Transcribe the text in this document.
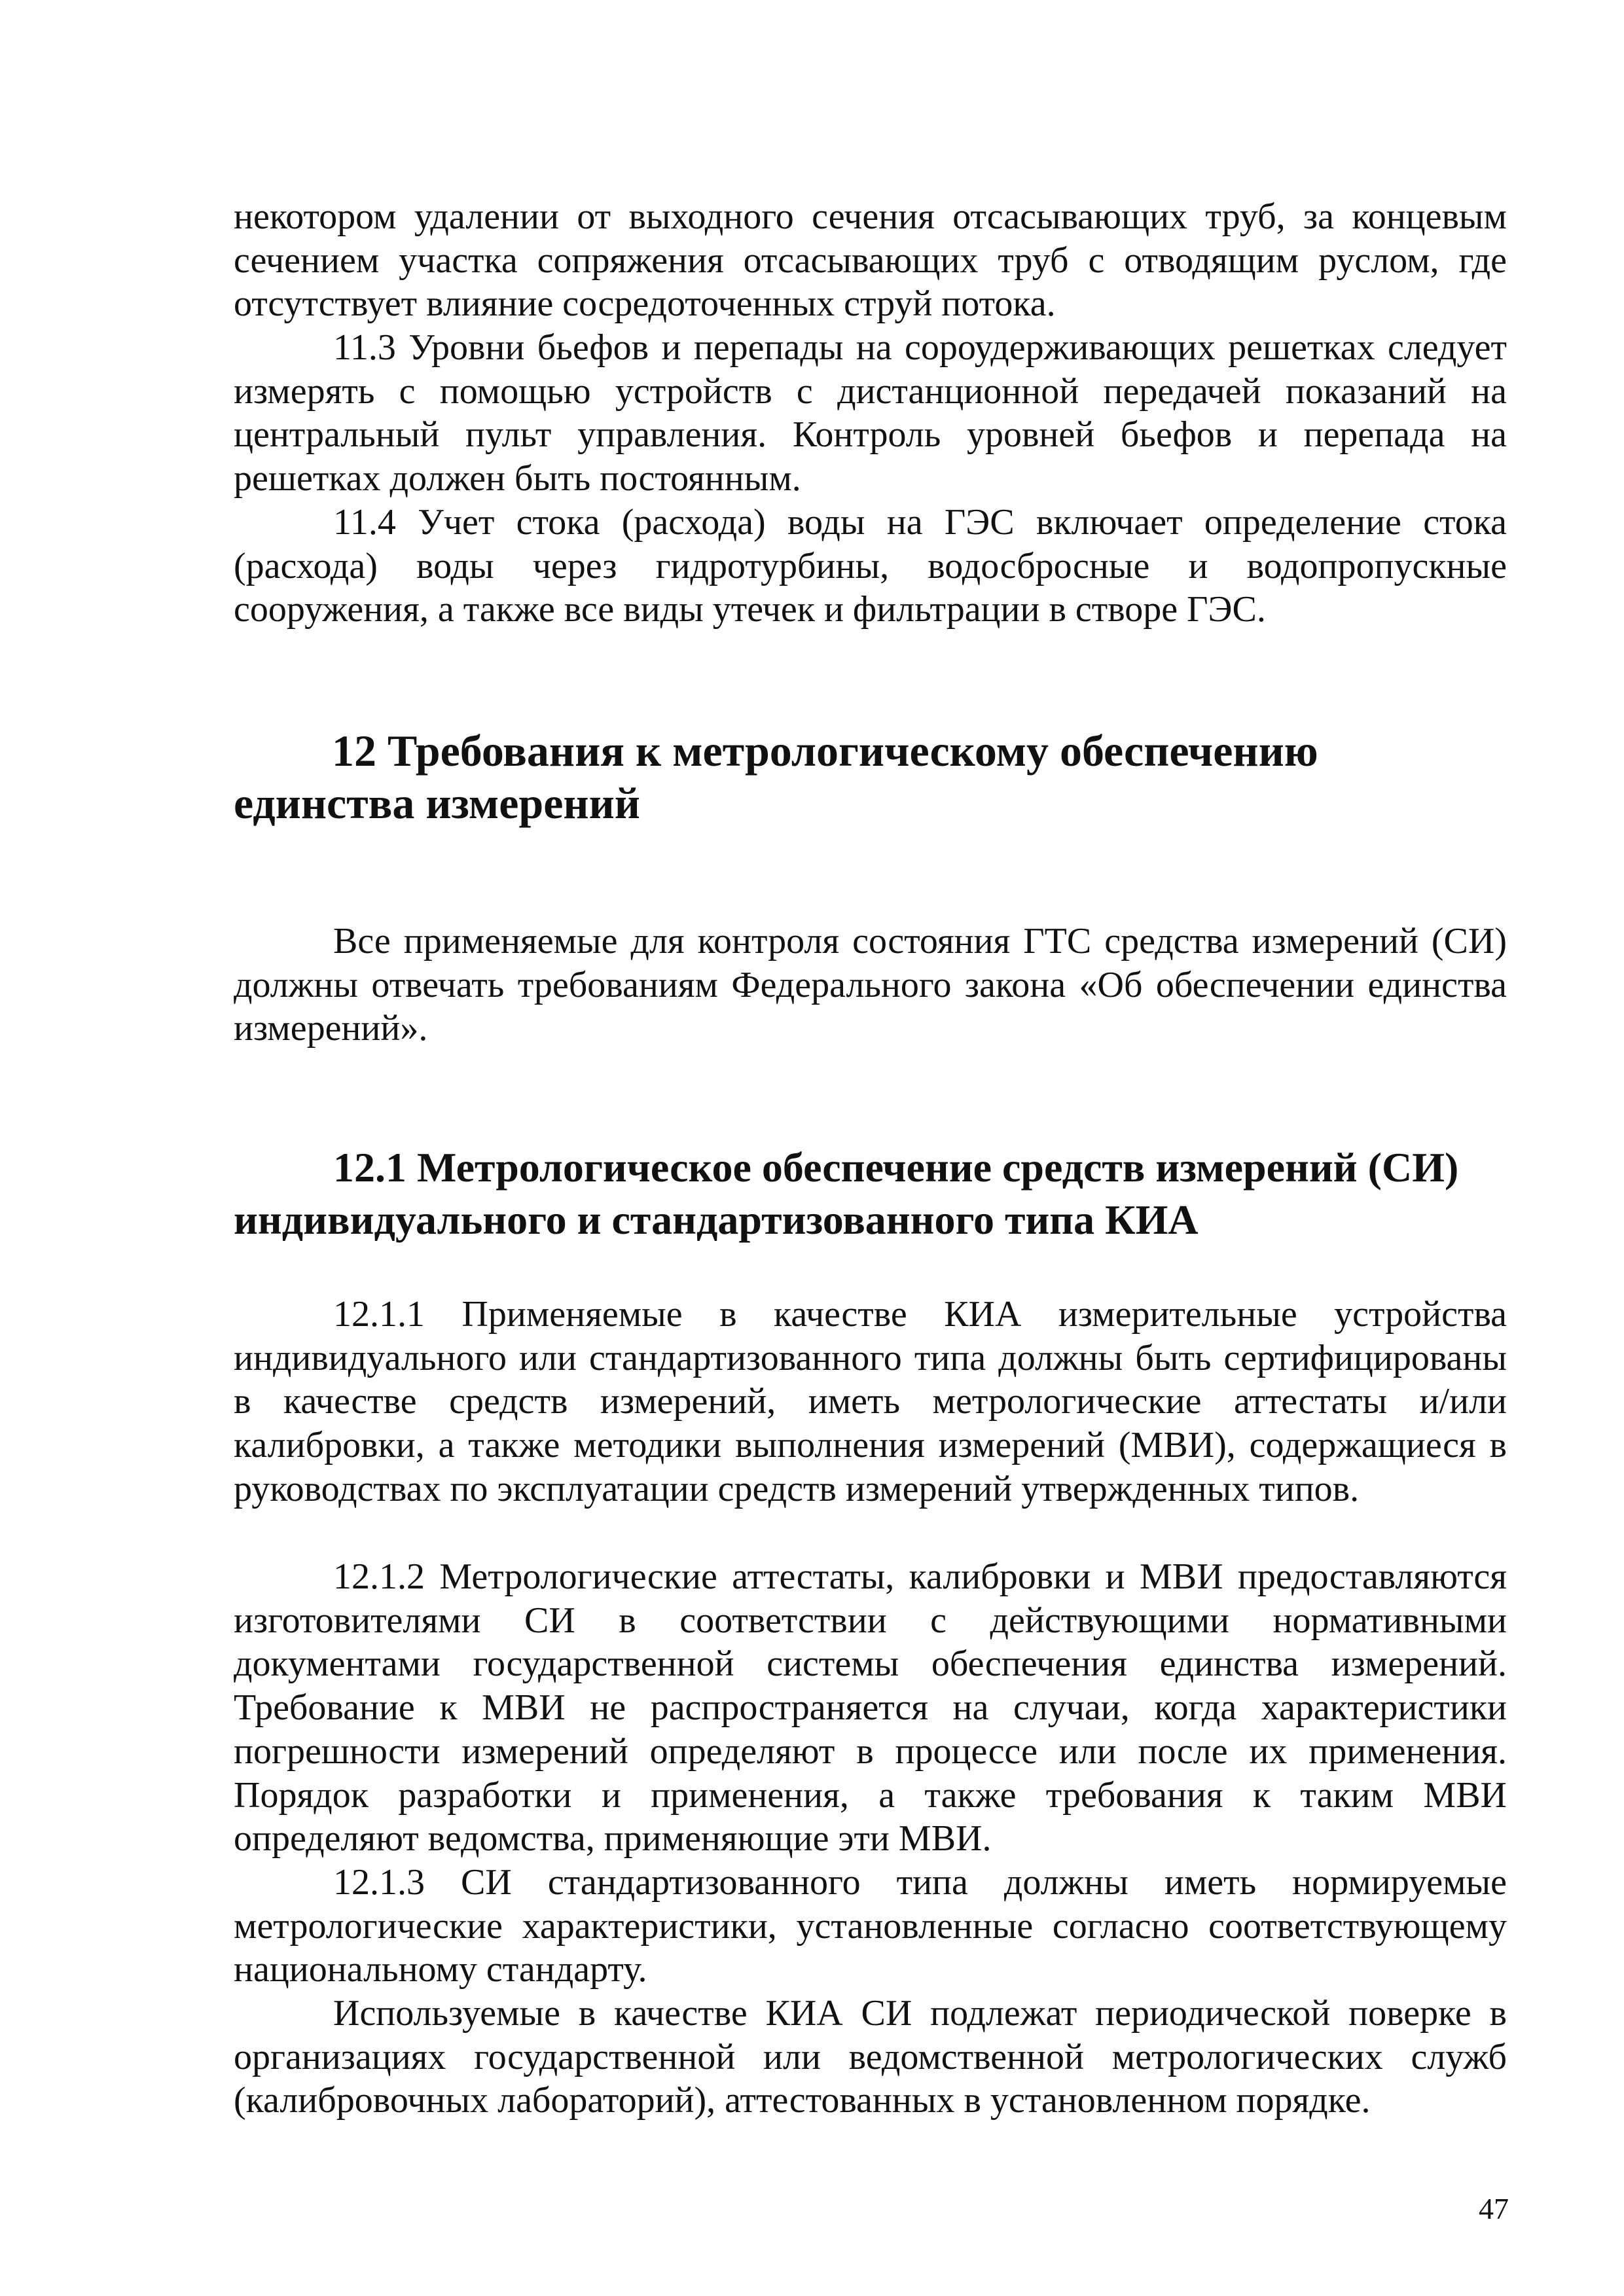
некотором удалении от выходного сечения отсасывающих труб, за концевым сечением участка сопряжения отсасывающих труб с отводящим руслом, где отсутствует влияние сосредоточенных струй потока.

11.3 Уровни бьефов и перепады на сороудерживающих решетках следует измерять с помощью устройств с дистанционной передачей показаний на центральный пульт управления. Контроль уровней бьефов и перепада на решетках должен быть постоянным.

11.4 Учет стока (расхода) воды на ГЭС включает определение стока (расхода) воды через гидротурбины, водосбросные и водопропускные сооружения, а также все виды утечек и фильтрации в створе ГЭС.

12 Требования к метрологическому обеспечению единства измерений

Все применяемые для контроля состояния ГТС средства измерений (СИ) должны отвечать требованиям Федерального закона «Об обеспечении единства измерений».

12.1 Метрологическое обеспечение средств измерений (СИ) индивидуального и стандартизованного типа КИА

12.1.1 Применяемые в качестве КИА измерительные устройства индивидуального или стандартизованного типа должны быть сертифицированы в качестве средств измерений, иметь метрологические аттестаты и/или калибровки, а также методики выполнения измерений (МВИ), содержащиеся в руководствах по эксплуатации средств измерений утвержденных типов.

12.1.2 Метрологические аттестаты, калибровки и МВИ предоставляются изготовителями СИ в соответствии с действующими нормативными документами государственной системы обеспечения единства измерений. Требование к МВИ не распространяется на случаи, когда характеристики погрешности измерений определяют в процессе или после их применения. Порядок разработки и применения, а также требования к таким МВИ определяют ведомства, применяющие эти МВИ.

12.1.3 СИ стандартизованного типа должны иметь нормируемые метрологические характеристики, установленные согласно соответствующему национальному стандарту.

Используемые в качестве КИА СИ подлежат периодической поверке в организациях государственной или ведомственной метрологических служб (калибровочных лабораторий), аттестованных в установленном порядке.

47
